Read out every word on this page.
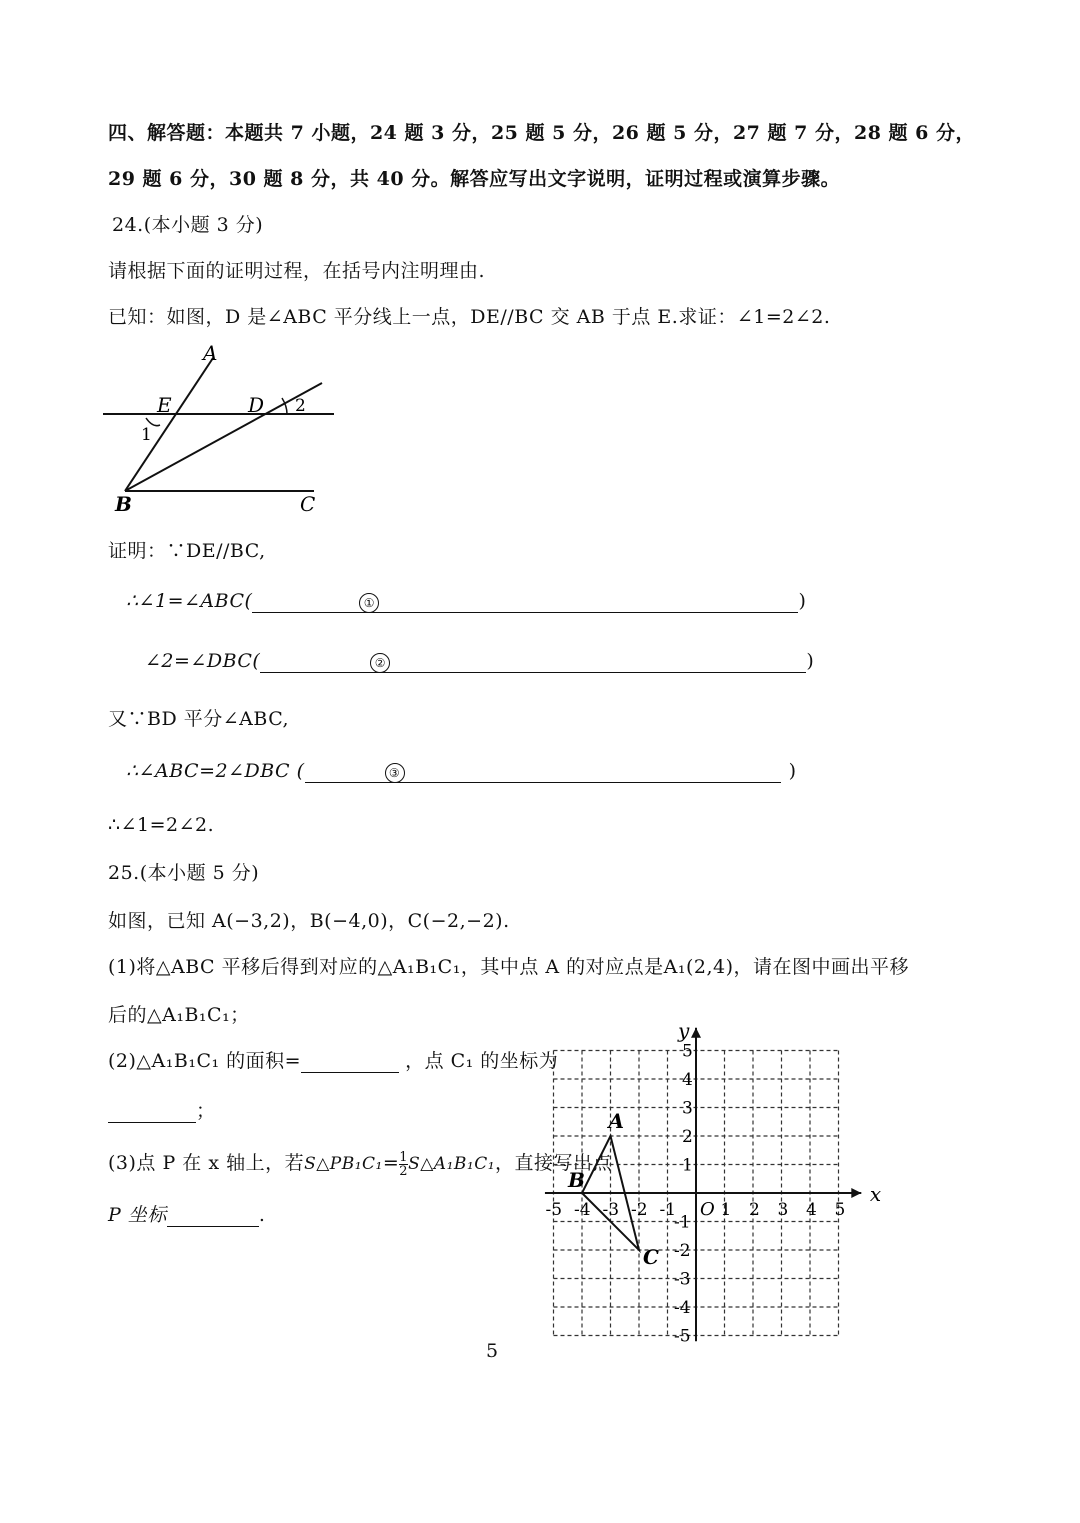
四、解答题：本题共 7 小题，24 题 3 分，25 题 5 分，26 题 5 分，27 题 7 分，28 题 6 分，
29 题 6 分，30 题 8 分，共 40 分。解答应写出文字说明，证明过程或演算步骤。
24.(本小题 3 分)
请根据下面的证明过程，在括号内注明理由.
已知：如图，D 是∠ABC 平分线上一点，DE//BC 交 AB 于点 E.求证：∠1=2∠2.
A
E	D
B	C
1
2
证明：∵DE//BC,
∴∠1=∠ABC(	①	)
∠2=∠DBC(	②	)
又∵BD 平分∠ABC,
∴∠ABC=2∠DBC (	③	)
∴∠1=2∠2.
25.(本小题 5 分)
如图，已知 A(−3,2)，B(−4,0)，C(−2,−2).
(1)将△ABC 平移后得到对应的△A₁B₁C₁，其中点 A 的对应点是A₁(2,4)，请在图中画出平移
后的△A₁B₁C₁；
(2)△A₁B₁C₁ 的面积=	，点 C₁ 的坐标为
；
(3)点 P 在 x 轴上，若S△PB₁C₁= $\frac{1}{2}$ S△A₁B₁C₁，直接写出点
P 坐标	.
x
y
O
-5 -4 -3 -2 -1	1 2 3 4 5
5
4
3
2
1
-1
-2
-3
-4
-5
A
B
C
5
